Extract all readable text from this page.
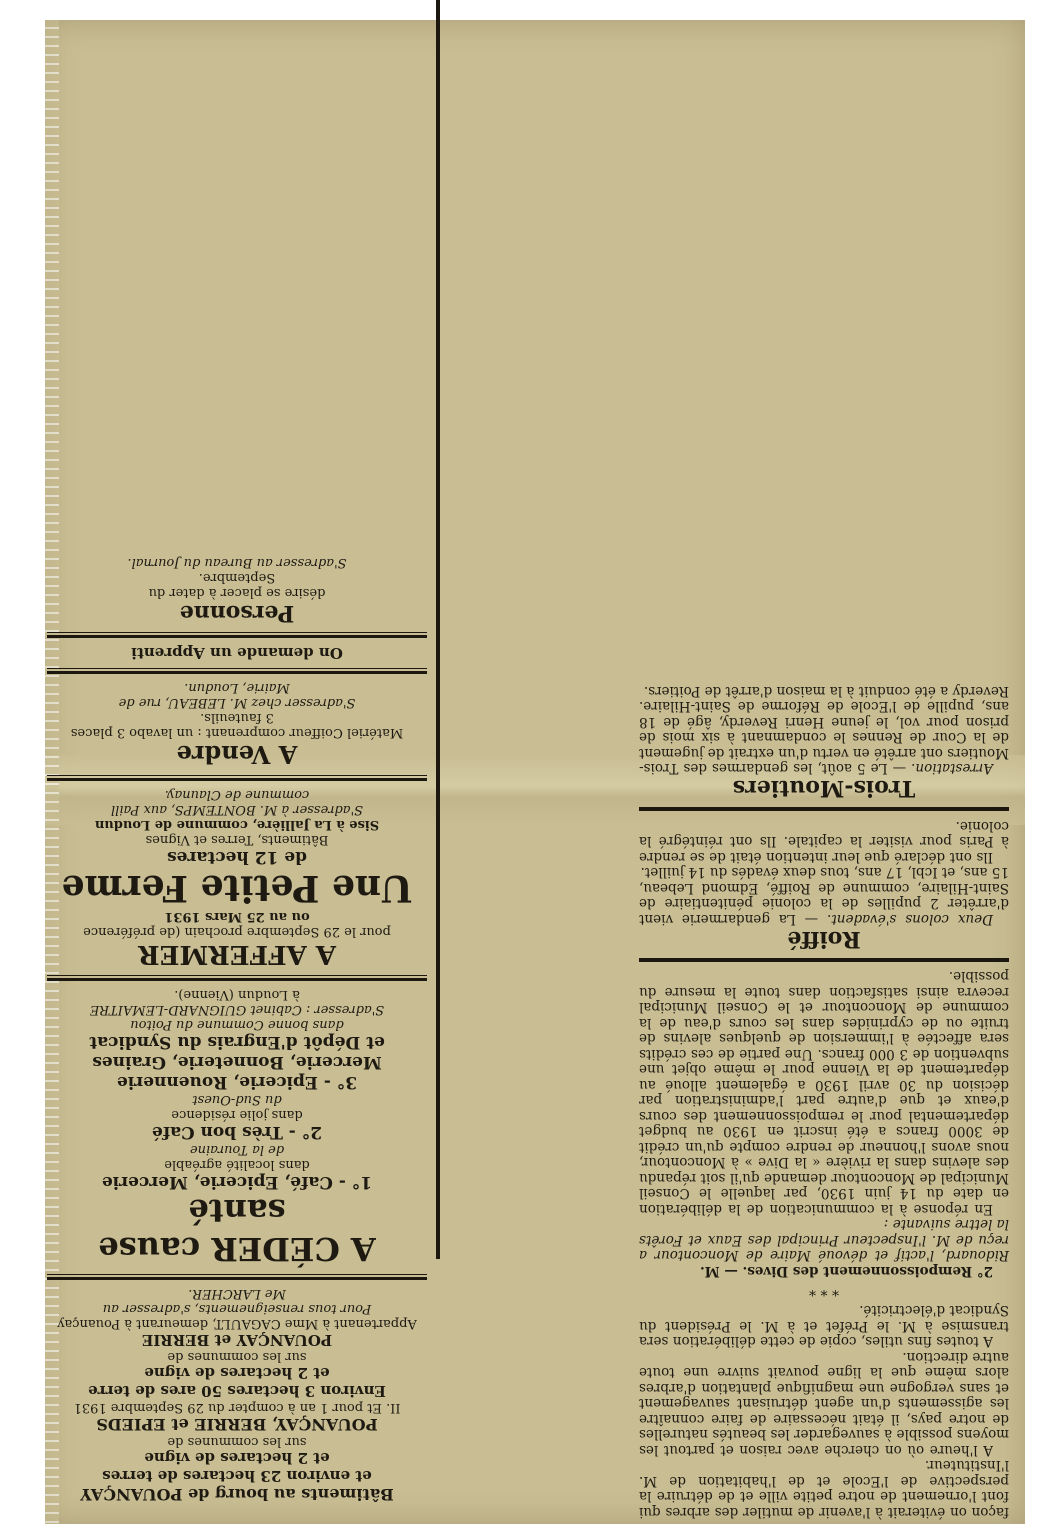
façon on éviterait à l'avenir de mutiler des arbres qui font l'ornement de notre petite ville et de détruire la perspective de l'Ecole et de l'habitation de M. l'Instituteur.

A l'heure où on cherche avec raison et partout les moyens possible à sauvegarder les beautés naturelles de notre pays, il était nécessaire de faire connaître les agissements d'un agent détruisant sauvagement et sans vergogne une magnifique plantation d'arbres alors même que la ligne pouvait suivre une toute autre direction.

A toutes fins utiles, copie de cette délibération sera transmise à M. le Préfet et à M. le Président du Syndicat d'électricité.

* * *

2° Rempoissonnement des Dives. — M.

Ridouard, l'actif et dévoué Maire de Moncontour a reçu de M. l'Inspecteur Principal des Eaux et Forêts la lettre suivante :

En réponse à la communication de la délibération en date du 14 juin 1930, par laquelle le Conseil Municipal de Moncontour demande qu'il soit répandu des alevins dans la rivière « la Dive » à Moncontour, nous avons l'honneur de rendre compte qu'un crédit de 3000 francs a été inscrit en 1930 au budget départemental pour le rempoissonnement des cours d'eaux et que d'autre part l'administration par décision du 30 avril 1930 a également alloué au département de la Vienne pour le même objet une subvention de 3 000 francs. Une partie de ces crédits sera affectée à l'immersion de quelques alevins de truite ou de cyprinides dans les cours d'eau de la commune de Moncontour et le Conseil Municipal recevra ainsi satisfaction dans toute la mesure du possible.

Roiffé

Deux colons s'évadent. — La gendarmerie vient d'arrêter 2 pupilles de la colonie pénitentiaire de Saint-Hilaire, commune de Roiffé, Edmond Lebeau, 15 ans, et Icbl, 17 ans, tous deux évadés du 14 juillet.

Ils ont déclaré que leur intention était de se rendre à Paris pour visiter la capitale. Ils ont réintégré la colonie.

Trois-Moutiers

Arrestation. — Le 5 août, les gendarmes des Trois-Moutiers ont arrêté en vertu d'un extrait de jugement de la Cour de Rennes le condamnant à six mois de prison pour vol, le jeune Henri Reverdy, âgé de 18 ans, pupille de l'Ecole de Réforme de Saint-Hilaire. Reverdy a été conduit à la maison d'arrêt de Poitiers.

Bâtiments au bourg de POUANÇAY

et environ 23 hectares de terres

et 2 hectares de vigne

sur les communes de

POUANÇAY, BERRIE et EPIEDS

II. Et pour 1 an à compter du 29 Septembre 1931

Environ 3 hectares 50 ares de terre

et 2 hectares de vigne

sur les communes de

POUANÇAY et BERRIE

Appartenant à Mme CAGAULT, demeurant à Pouançay

Pour tous renseignements, s'adresser au

Me LARCHER.

A CÉDER cause santé

1° - Café, Epicerie, Mercerie

dans localité agréable

de la Touraine

2° - Très bon Café

dans jolie résidence

du Sud-Ouest

3° - Epicerie, Rouennerie

Mercerie, Bonneterie, Graines

et Dépôt d'Engrais du Syndicat

dans bonne Commune du Poitou

S'adresser : Cabinet GUIGNARD-LEMAITRE

à Loudun (Vienne).

A AFFERMER

pour le 29 Septembre prochain (de préférence

ou au 25 Mars 1931

Une Petite Ferme

de 12 hectares

Bâtiments, Terres et Vignes

Sise à La Jallière, commune de Loudun

S'adresser à M. BONTEMPS, aux Paill

commune de Claunay.

A Vendre

Matériel Coiffeur comprenant : un lavabo 3 places

3 fauteuils.

S'adresser chez M. LEBEAU, rue de

Mairie, Loudun.

On demande un Apprenti

Personne

désire se placer à dater du

Septembre.

S'adresser au Bureau du Journal.
